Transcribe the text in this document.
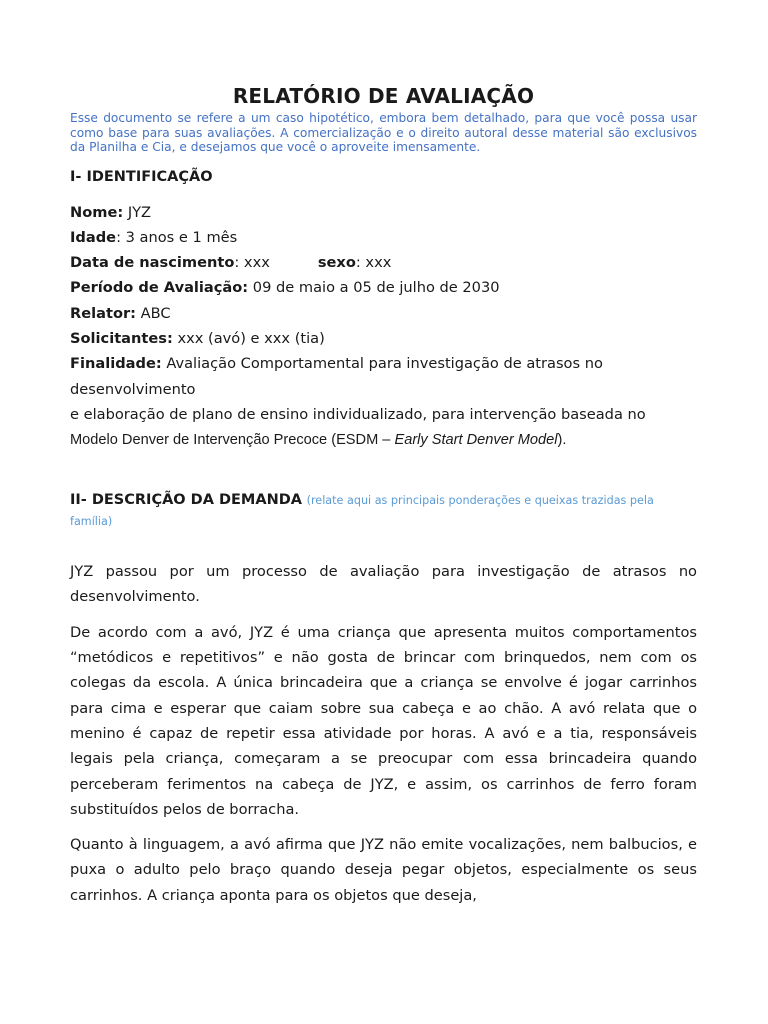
RELATÓRIO DE AVALIAÇÃO

Esse documento se refere a um caso hipotético, embora bem detalhado, para que você possa usar como base para suas avaliações. A comercialização e o direito autoral desse material são exclusivos da Planilha e Cia, e desejamos que você o aproveite imensamente.

I- IDENTIFICAÇÃO
Nome: JYZ
Idade: 3 anos e 1 mês
Data de nascimento: xxx	sexo: xxx
Período de Avaliação: 09 de maio a 05 de julho de 2030
Relator: ABC
Solicitantes: xxx (avó) e xxx (tia)
Finalidade: Avaliação Comportamental para investigação de atrasos no
desenvolvimento
e elaboração de plano de ensino individualizado, para intervenção baseada no
Modelo Denver de Intervenção Precoce (ESDM – Early Start Denver Model).
II- DESCRIÇÃO DA DEMANDA (relate aqui as principais ponderações e queixas trazidas pela família)

JYZ passou por um processo de avaliação para investigação de atrasos no desenvolvimento.

De acordo com a avó, JYZ é uma criança que apresenta muitos comportamentos “metódicos e repetitivos” e não gosta de brincar com brinquedos, nem com os colegas da escola. A única brincadeira que a criança se envolve é jogar carrinhos para cima e esperar que caiam sobre sua cabeça e ao chão. A avó relata que o menino é capaz de repetir essa atividade por horas. A avó e a tia, responsáveis legais pela criança, começaram a se preocupar com essa brincadeira quando perceberam ferimentos na cabeça de JYZ, e assim, os carrinhos de ferro foram substituídos pelos de borracha.

Quanto à linguagem, a avó afirma que JYZ não emite vocalizações, nem balbucios, e puxa o adulto pelo braço quando deseja pegar objetos, especialmente os seus carrinhos. A criança aponta para os objetos que deseja,
